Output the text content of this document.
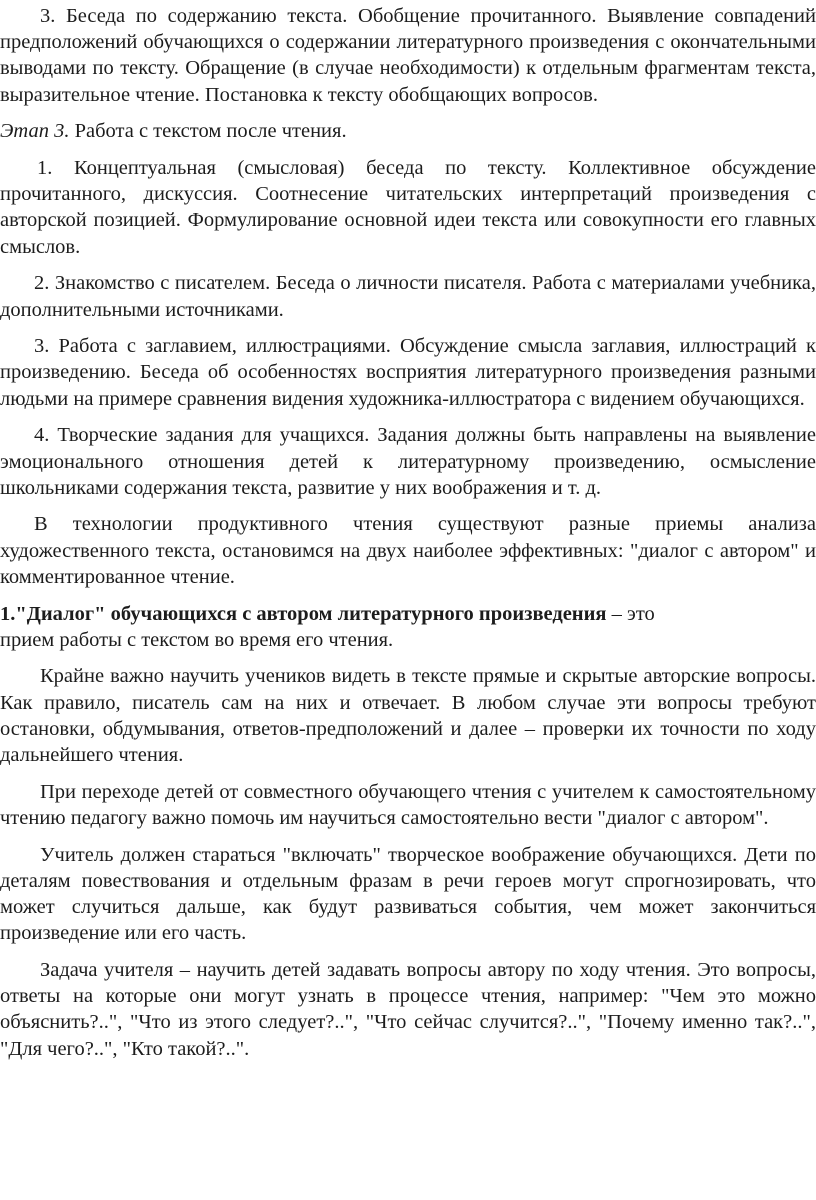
3. Беседа по содержанию текста. Обобщение прочитанного. Выявление совпадений предположений обучающихся о содержании литературного произведения с окончательными выводами по тексту. Обращение (в случае необходимости) к отдельным фрагментам текста, выразительное чтение. Постановка к тексту обобщающих вопросов.

Этап 3. Работа с текстом после чтения.

1. Концептуальная (смысловая) беседа по тексту. Коллективное обсуждение прочитанного, дискуссия. Соотнесение читательских интерпретаций произведения с авторской позицией. Формулирование основной идеи текста или совокупности его главных смыслов.

2. Знакомство с писателем. Беседа о личности писателя. Работа с материалами учебника, дополнительными источниками.

3. Работа с заглавием, иллюстрациями. Обсуждение смысла заглавия, иллюстраций к произведению. Беседа об особенностях восприятия литературного произведения разными людьми на примере сравнения видения художника-иллюстратора с видением обучающихся.

4. Творческие задания для учащихся. Задания должны быть направлены на выявление эмоционального отношения детей к литературному произведению, осмысление школьниками содержания текста, развитие у них воображения и т. д.

В технологии продуктивного чтения существуют разные приемы анализа художественного текста, остановимся на двух наиболее эффективных: "диалог с автором" и комментированное чтение.

1."Диалог" обучающихся с автором литературного произведения – это
прием работы с текстом во время его чтения.

Крайне важно научить учеников видеть в тексте прямые и скрытые авторские вопросы. Как правило, писатель сам на них и отвечает. В любом случае эти вопросы требуют остановки, обдумывания, ответов-предположений и далее – проверки их точности по ходу дальнейшего чтения.

При переходе детей от совместного обучающего чтения с учителем к самостоятельному чтению педагогу важно помочь им научиться самостоятельно вести "диалог с автором".

Учитель должен стараться "включать" творческое воображение обучающихся. Дети по деталям повествования и отдельным фразам в речи героев могут спрогнозировать, что может случиться дальше, как будут развиваться события, чем может закончиться произведение или его часть.

Задача учителя – научить детей задавать вопросы автору по ходу чтения. Это вопросы, ответы на которые они могут узнать в процессе чтения, например: "Чем это можно объяснить?..", "Что из этого следует?..", "Что сейчас случится?..", "Почему именно так?..", "Для чего?..", "Кто такой?..".
